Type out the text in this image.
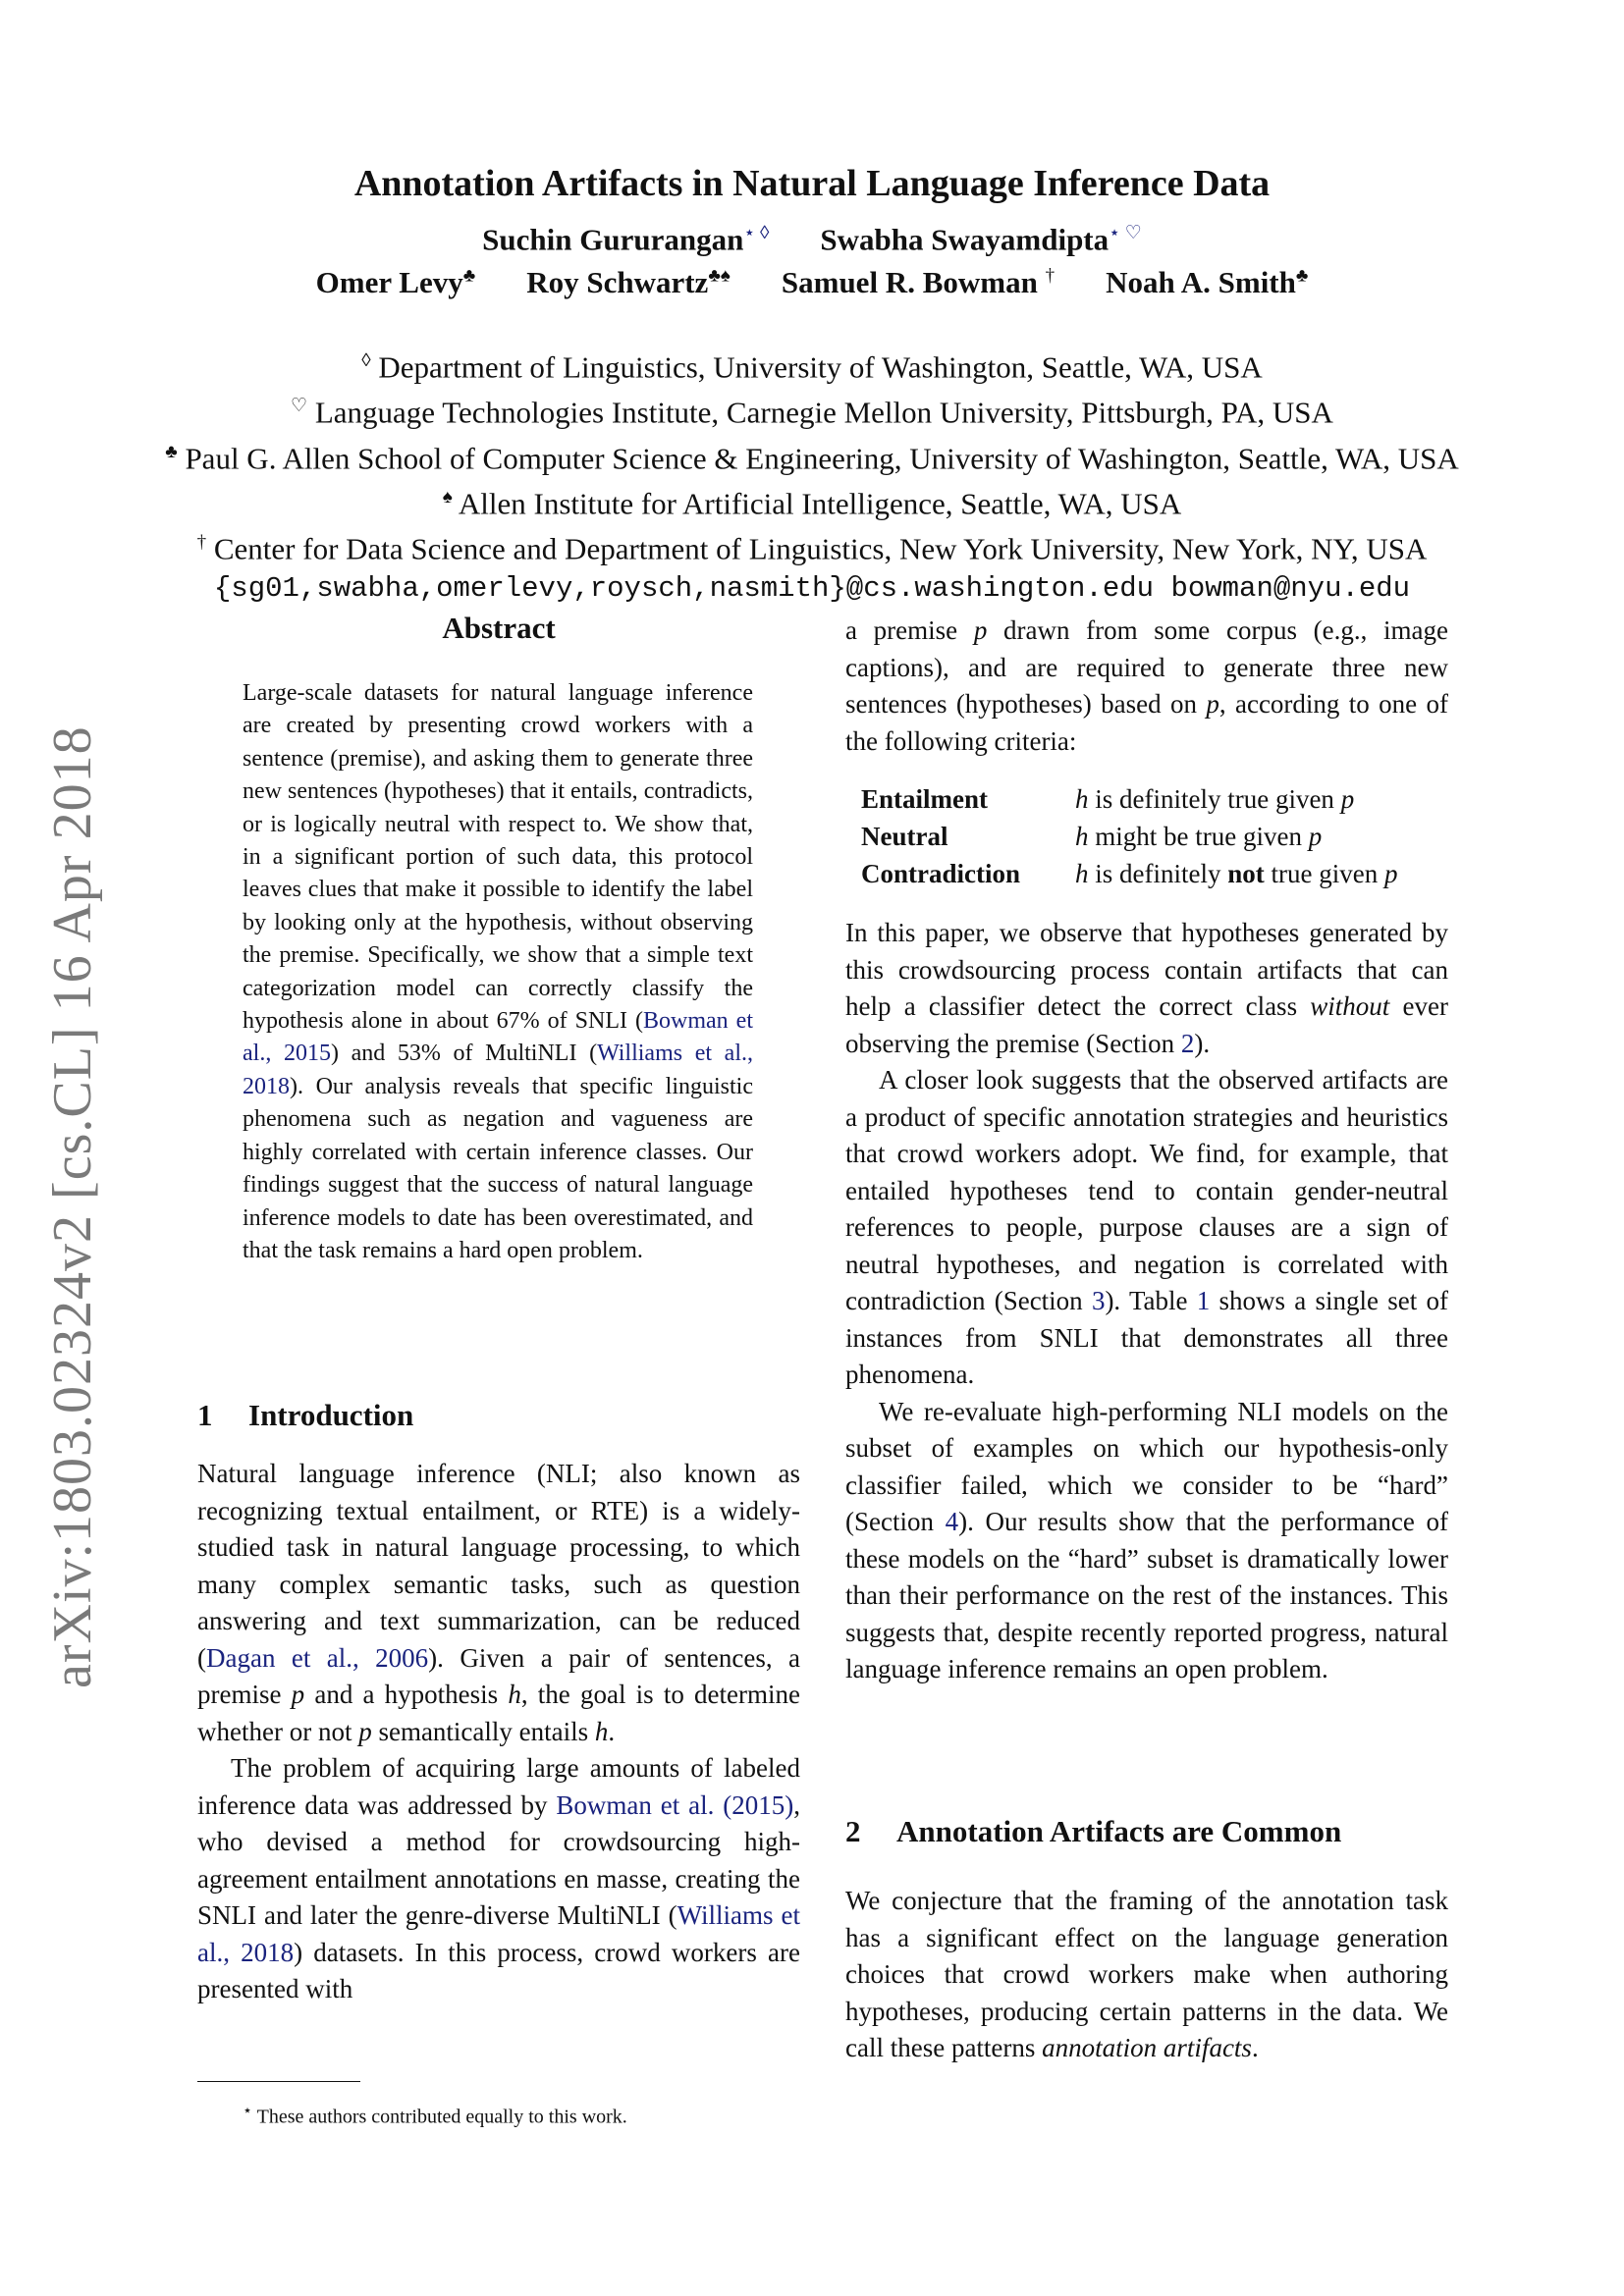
arXiv:1803.02324v2 [cs.CL] 16 Apr 2018
Annotation Artifacts in Natural Language Inference Data
Suchin Gururangan⋆ ◊ Swabha Swayamdipta⋆ ♡
Omer Levy♣ Roy Schwartz♣♠ Samuel R. Bowman † Noah A. Smith♣
◊ Department of Linguistics, University of Washington, Seattle, WA, USA
♡ Language Technologies Institute, Carnegie Mellon University, Pittsburgh, PA, USA
♣ Paul G. Allen School of Computer Science & Engineering, University of Washington, Seattle, WA, USA
♠ Allen Institute for Artificial Intelligence, Seattle, WA, USA
† Center for Data Science and Department of Linguistics, New York University, New York, NY, USA
{sg01,swabha,omerlevy,roysch,nasmith}@cs.washington.edu bowman@nyu.edu
Abstract
Large-scale datasets for natural language inference are created by presenting crowd workers with a sentence (premise), and asking them to generate three new sentences (hypotheses) that it entails, contradicts, or is logically neutral with respect to. We show that, in a significant portion of such data, this protocol leaves clues that make it possible to identify the label by looking only at the hypothesis, without observing the premise. Specifically, we show that a simple text categorization model can correctly classify the hypothesis alone in about 67% of SNLI (Bowman et al., 2015) and 53% of MultiNLI (Williams et al., 2018). Our analysis reveals that specific linguistic phenomena such as negation and vagueness are highly correlated with certain inference classes. Our findings suggest that the success of natural language inference models to date has been overestimated, and that the task remains a hard open problem.
1 Introduction

Natural language inference (NLI; also known as recognizing textual entailment, or RTE) is a widely-studied task in natural language processing, to which many complex semantic tasks, such as question answering and text summarization, can be reduced (Dagan et al., 2006). Given a pair of sentences, a premise p and a hypothesis h, the goal is to determine whether or not p semantically entails h.

The problem of acquiring large amounts of labeled inference data was addressed by Bowman et al. (2015), who devised a method for crowdsourcing high-agreement entailment annotations en masse, creating the SNLI and later the genre-diverse MultiNLI (Williams et al., 2018) datasets. In this process, crowd workers are presented with

a premise p drawn from some corpus (e.g., image captions), and are required to generate three new sentences (hypotheses) based on p, according to one of the following criteria:

Entailment	h is definitely true given p
Neutral	h might be true given p
Contradiction	h is definitely not true given p

In this paper, we observe that hypotheses generated by this crowdsourcing process contain artifacts that can help a classifier detect the correct class without ever observing the premise (Section 2).

A closer look suggests that the observed artifacts are a product of specific annotation strategies and heuristics that crowd workers adopt. We find, for example, that entailed hypotheses tend to contain gender-neutral references to people, purpose clauses are a sign of neutral hypotheses, and negation is correlated with contradiction (Section 3). Table 1 shows a single set of instances from SNLI that demonstrates all three phenomena.

We re-evaluate high-performing NLI models on the subset of examples on which our hypothesis-only classifier failed, which we consider to be “hard” (Section 4). Our results show that the performance of these models on the “hard” subset is dramatically lower than their performance on the rest of the instances. This suggests that, despite recently reported progress, natural language inference remains an open problem.

2 Annotation Artifacts are Common

We conjecture that the framing of the annotation task has a significant effect on the language generation choices that crowd workers make when authoring hypotheses, producing certain patterns in the data. We call these patterns annotation artifacts.

⋆ These authors contributed equally to this work.
